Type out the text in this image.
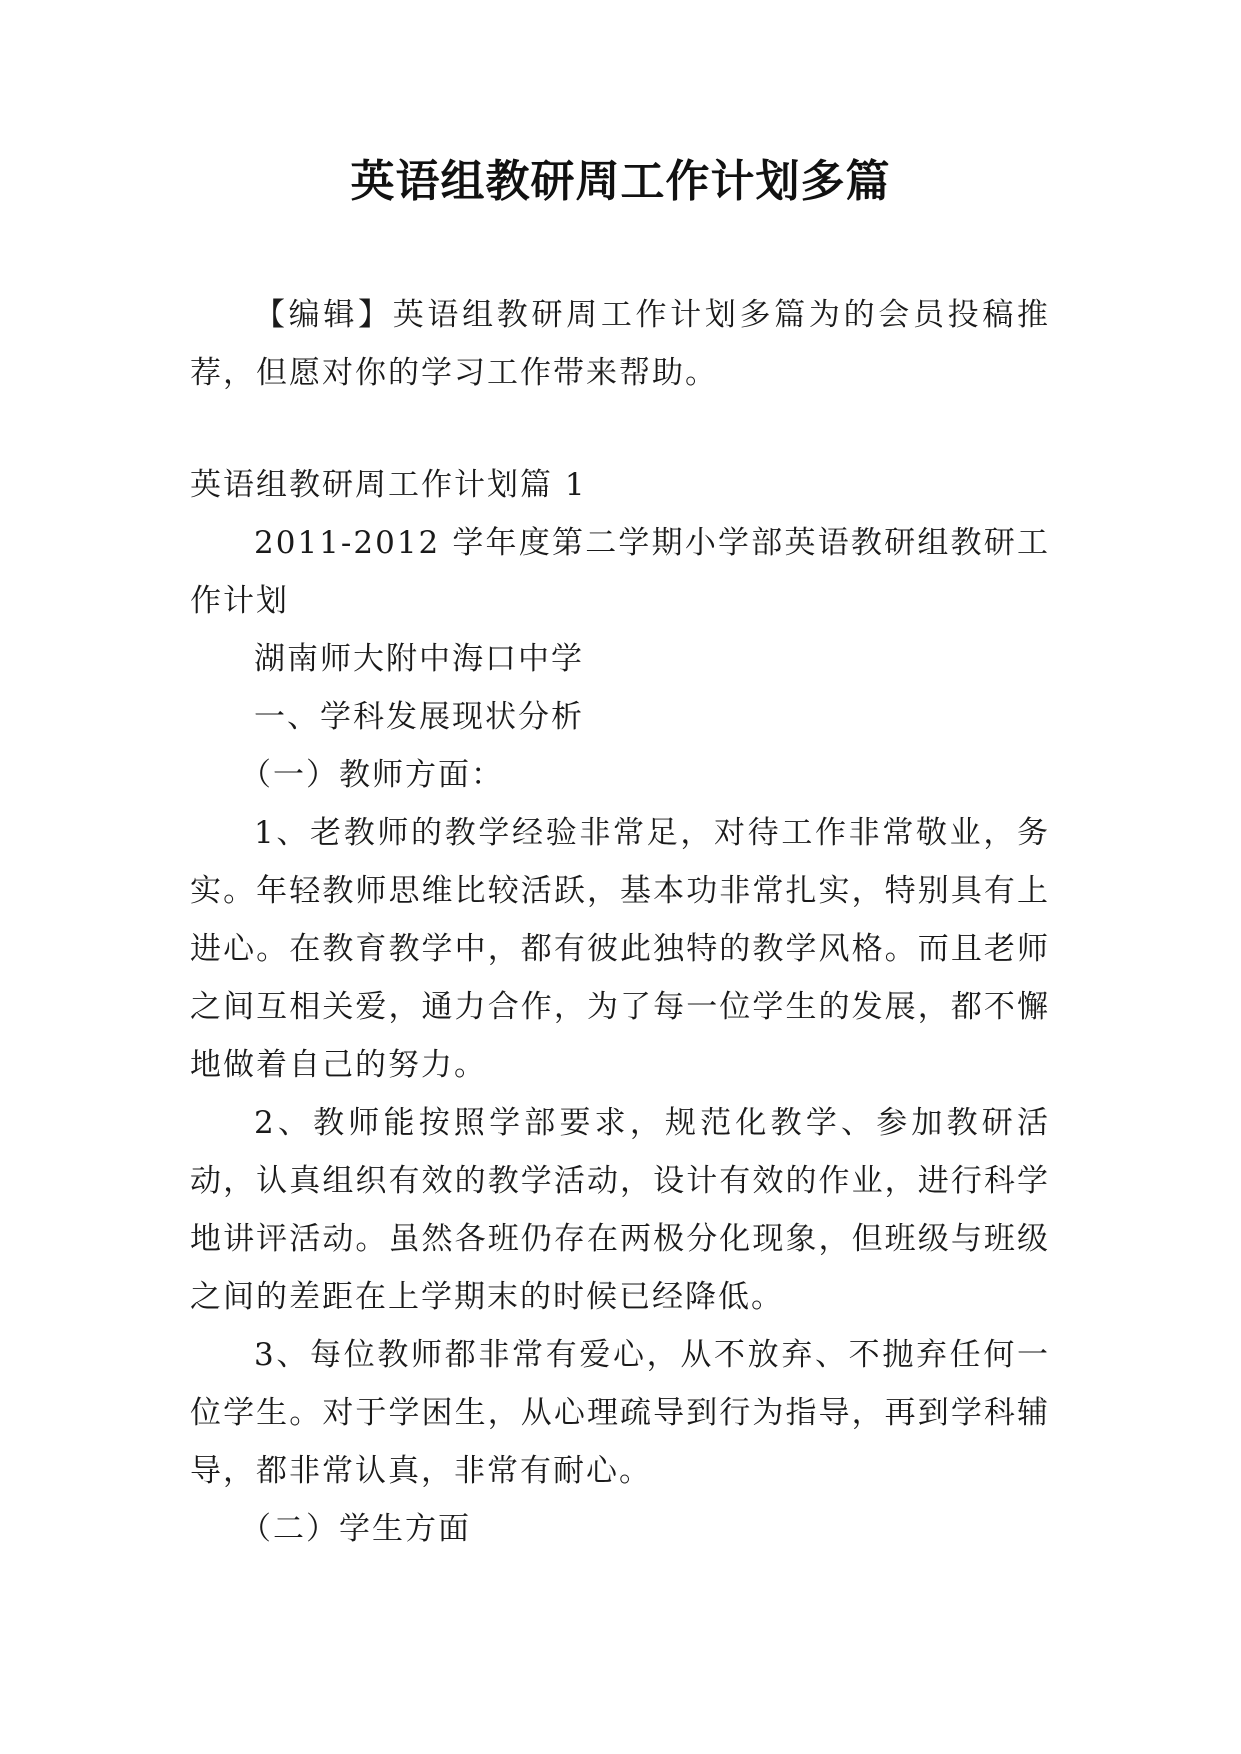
英语组教研周工作计划多篇

【编辑】英语组教研周工作计划多篇为的会员投稿推荐，但愿对你的学习工作带来帮助。

英语组教研周工作计划篇 1

2011-2012 学年度第二学期小学部英语教研组教研工作计划

湖南师大附中海口中学

一、学科发展现状分析

（一）教师方面：

1、老教师的教学经验非常足，对待工作非常敬业，务实。年轻教师思维比较活跃，基本功非常扎实，特别具有上进心。在教育教学中，都有彼此独特的教学风格。而且老师之间互相关爱，通力合作，为了每一位学生的发展，都不懈地做着自己的努力。

2、教师能按照学部要求，规范化教学、参加教研活动，认真组织有效的教学活动，设计有效的作业，进行科学地讲评活动。虽然各班仍存在两极分化现象，但班级与班级之间的差距在上学期末的时候已经降低。

3、每位教师都非常有爱心，从不放弃、不抛弃任何一位学生。对于学困生，从心理疏导到行为指导，再到学科辅导，都非常认真，非常有耐心。

（二）学生方面
